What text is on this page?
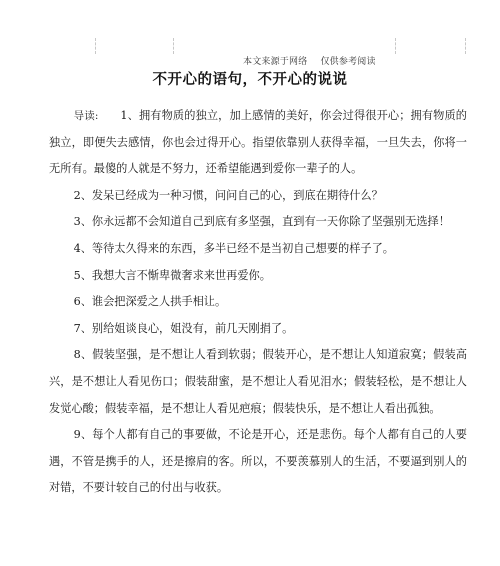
本文来源于网络 仅供参考阅读
不开心的语句，不开心的说说

导读: 1、拥有物质的独立，加上感情的美好，你会过得很开心；拥有物质的独立，即便失去感情，你也会过得开心。指望依靠别人获得幸福，一旦失去，你将一无所有。最傻的人就是不努力，还希望能遇到爱你一辈子的人。

2、发呆已经成为一种习惯，问问自己的心，到底在期待什么？

3、你永远都不会知道自己到底有多坚强，直到有一天你除了坚强别无选择！

4、等待太久得来的东西，多半已经不是当初自己想要的样子了。

5、我想大言不惭卑微奢求来世再爱你。

6、谁会把深爱之人拱手相让。

7、别给姐谈良心，姐没有，前几天刚捐了。

8、假装坚强，是不想让人看到软弱；假装开心，是不想让人知道寂寞；假装高兴，是不想让人看见伤口；假装甜蜜，是不想让人看见泪水；假装轻松，是不想让人发觉心酸；假装幸福，是不想让人看见疤痕；假装快乐，是不想让人看出孤独。

9、每个人都有自己的事要做，不论是开心，还是悲伤。每个人都有自己的人要遇，不管是携手的人，还是擦肩的客。所以，不要羡慕别人的生活，不要逼到别人的对错，不要计较自己的付出与收获。
